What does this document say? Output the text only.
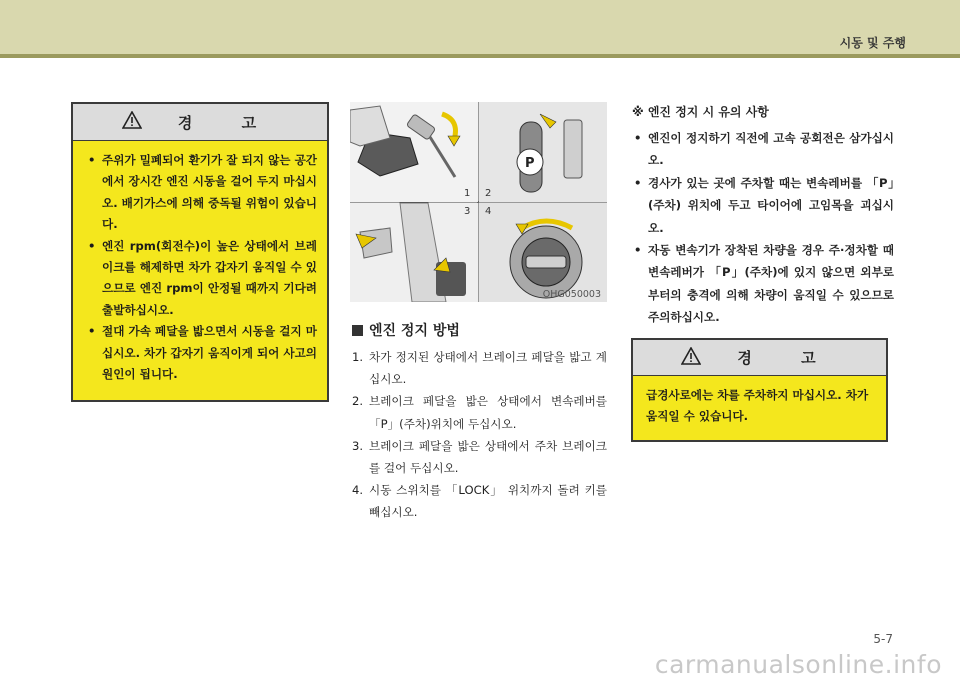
시동 및 주행
경 고
• 주위가 밀폐되어 환기가 잘 되지 않는 공간에서 장시간 엔진 시동을 걸어 두지 마십시오. 배기가스에 의해 중독될 위험이 있습니다.
• 엔진 rpm(회전수)이 높은 상태에서 브레이크를 해제하면 차가 갑자기 움직일 수 있으므로 엔진 rpm이 안정될 때까지 기다려 출발하십시오.
• 절대 가속 페달을 밟으면서 시동을 걸지 마십시오. 차가 갑자기 움직이게 되어 사고의 원인이 됩니다.
P
1 2
3 4
OHG050003
엔진 정지 방법
1. 차가 정지된 상태에서 브레이크 페달을 밟고 계십시오.
2. 브레이크 페달을 밟은 상태에서 변속레버를 「P」(주차)위치에 두십시오.
3. 브레이크 페달을 밟은 상태에서 주차 브레이크를 걸어 두십시오.
4. 시동 스위치를 「LOCK」 위치까지 돌려 키를 빼십시오.
※ 엔진 정지 시 유의 사항
• 엔진이 정지하기 직전에 고속 공회전은 삼가십시오.
• 경사가 있는 곳에 주차할 때는 변속레버를 「P」(주차) 위치에 두고 타이어에 고임목을 괴십시오.
• 자동 변속기가 장착된 차량을 경우 주·정차할 때 변속레버가 「P」(주차)에 있지 않으면 외부로부터의 충격에 의해 차량이 움직일 수 있으므로 주의하십시오.
경 고
급경사로에는 차를 주차하지 마십시오. 차가 움직일 수 있습니다.
5-7
carmanualsonline.info
